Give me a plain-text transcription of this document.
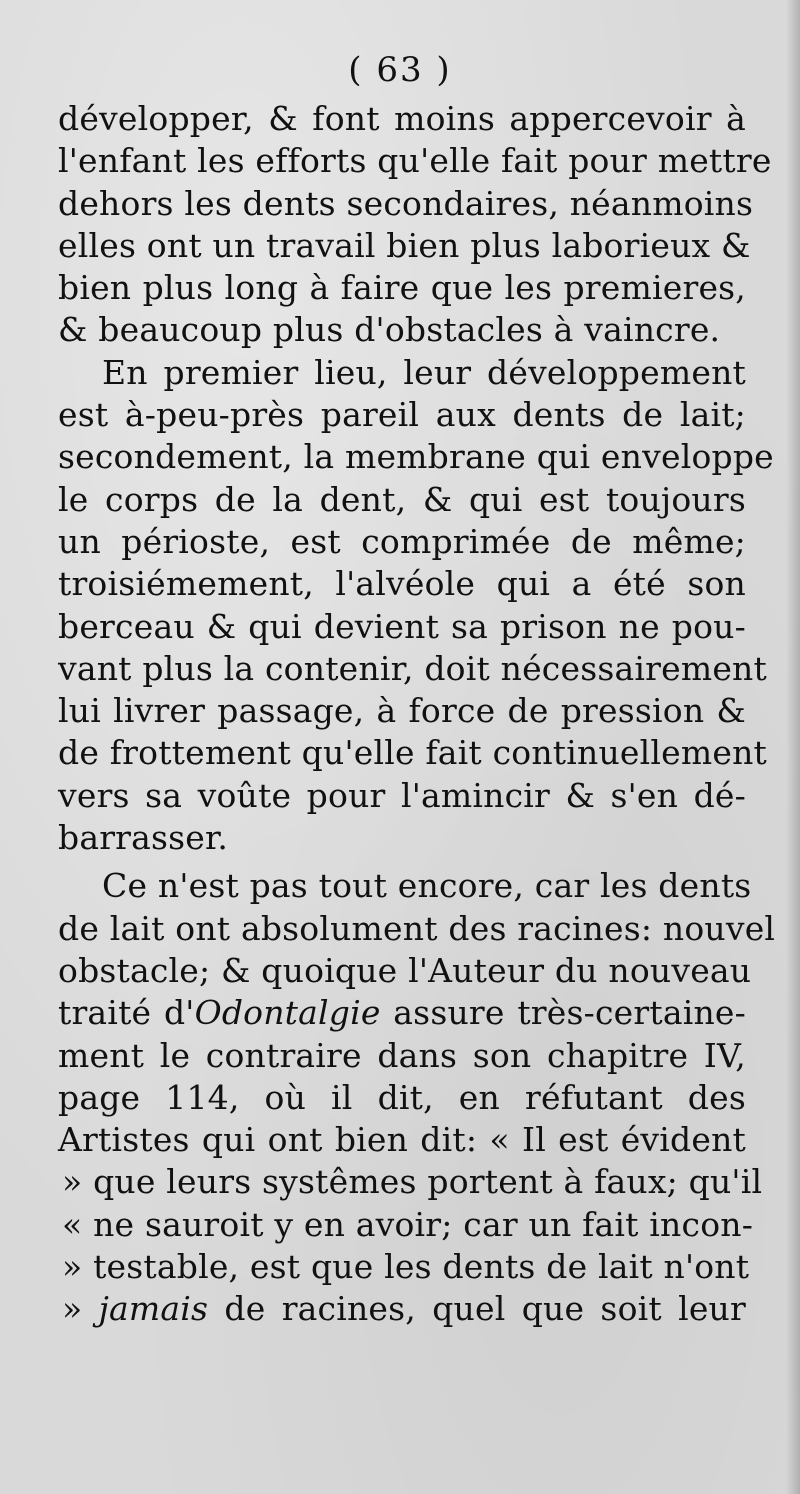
( 63 )
développer, & font moins appercevoir à
l'enfant les efforts qu'elle fait pour mettre
dehors les dents secondaires, néanmoins
elles ont un travail bien plus laborieux &
bien plus long à faire que les premieres,
& beaucoup plus d'obstacles à vaincre.
En premier lieu, leur développement
est à-peu-près pareil aux dents de lait;
secondement, la membrane qui enveloppe
le corps de la dent, & qui est toujours
un périoste, est comprimée de même;
troisiémement, l'alvéole qui a été son
berceau & qui devient sa prison ne pou-
vant plus la contenir, doit nécessairement
lui livrer passage, à force de pression &
de frottement qu'elle fait continuellement
vers sa voûte pour l'amincir & s'en dé-
barrasser.
Ce n'est pas tout encore, car les dents
de lait ont absolument des racines: nouvel
obstacle; & quoique l'Auteur du nouveau
traité d'Odontalgie assure très-certaine-
ment le contraire dans son chapitre IV,
page 114, où il dit, en réfutant des
Artistes qui ont bien dit: « Il est évident
» que leurs systêmes portent à faux; qu'il
« ne sauroit y en avoir; car un fait incon-
» testable, est que les dents de lait n'ont
» jamais de racines, quel que soit leur
